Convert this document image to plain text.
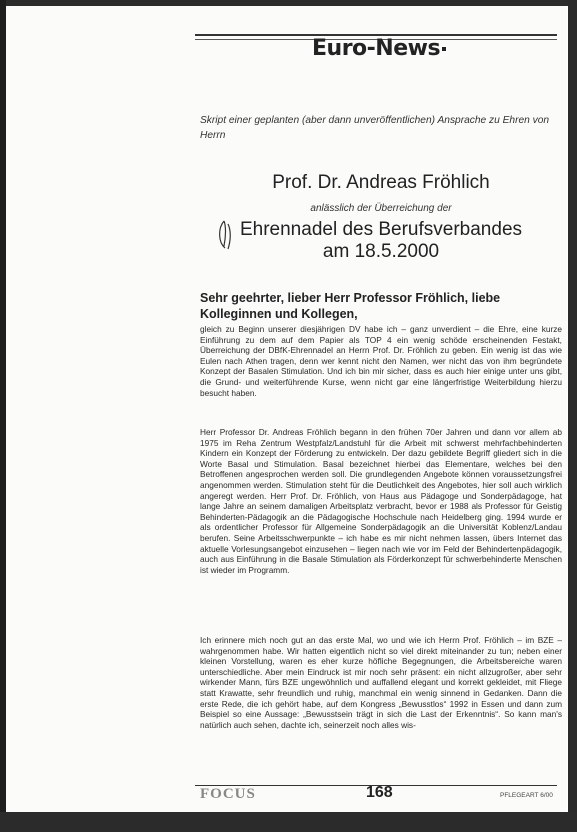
Euro-News
Skript einer geplanten (aber dann unveröffentlichen) Ansprache zu Ehren von Herrn
Prof. Dr. Andreas Fröhlich
anlässlich der Überreichung der
Ehrennadel des Berufsverbandes
am 18.5.2000
Sehr geehrter, lieber Herr Professor Fröhlich, liebe Kolleginnen und Kollegen,
gleich zu Beginn unserer diesjährigen DV habe ich – ganz unverdient – die Ehre, eine kurze Einführung zu dem auf dem Papier als TOP 4 ein wenig schöde erscheinenden Festakt, Überreichung der DBfK-Ehrennadel an Herrn Prof. Dr. Fröhlich zu geben. Ein wenig ist das wie Eulen nach Athen tragen, denn wer kennt nicht den Namen, wer nicht das von ihm begründete Konzept der Basalen Stimulation. Und ich bin mir sicher, dass es auch hier einige unter uns gibt, die Grund- und weiterführende Kurse, wenn nicht gar eine längerfristige Weiterbildung hierzu besucht haben.
Herr Professor Dr. Andreas Fröhlich begann in den frühen 70er Jahren und dann vor allem ab 1975 im Reha Zentrum Westpfalz/Landstuhl für die Arbeit mit schwerst mehrfachbehinderten Kindern ein Konzept der Förderung zu entwickeln. Der dazu gebildete Begriff gliedert sich in die Worte Basal und Stimulation. Basal bezeichnet hierbei das Elementare, welches bei den Betroffenen angesprochen werden soll. Die grundlegenden Angebote können voraussetzungsfrei angenommen werden. Stimulation steht für die Deutlichkeit des Angebotes, hier soll auch wirklich angeregt werden. Herr Prof. Dr. Fröhlich, von Haus aus Pädagoge und Sonderpädagoge, hat lange Jahre an seinem damaligen Arbeitsplatz verbracht, bevor er 1988 als Professor für Geistig Behinderten-Pädagogik an die Pädagogische Hochschule nach Heidelberg ging. 1994 wurde er als ordentlicher Professor für Allgemeine Sonderpädagogik an die Universität Koblenz/Landau berufen. Seine Arbeitsschwerpunkte – ich habe es mir nicht nehmen lassen, übers Internet das aktuelle Vorlesungsangebot einzusehen – liegen nach wie vor im Feld der Behindertenpädagogik, auch aus Einführung in die Basale Stimulation als Förderkonzept für schwerbehinderte Menschen ist wieder im Programm.
Ich erinnere mich noch gut an das erste Mal, wo und wie ich Herrn Prof. Fröhlich – im BZE – wahrgenommen habe. Wir hatten eigentlich nicht so viel direkt miteinander zu tun; neben einer kleinen Vorstellung, waren es eher kurze höfliche Begegnungen, die Arbeitsbereiche waren unterschiedliche. Aber mein Eindruck ist mir noch sehr präsent: ein nicht allzugroßer, aber sehr wirkender Mann, fürs BZE ungewöhnlich und auffallend elegant und korrekt gekleidet, mit Fliege statt Krawatte, sehr freundlich und ruhig, manchmal ein wenig sinnend in Gedanken. Dann die erste Rede, die ich gehört habe, auf dem Kongress „Bewusstlos“ 1992 in Essen und dann zum Beispiel so eine Aussage: „Bewusstsein trägt in sich die Last der Erkenntnis“. So kann man's natürlich auch sehen, dachte ich, seinerzeit noch alles wis-
FOCUS	168	PFLEGEART 6/00
